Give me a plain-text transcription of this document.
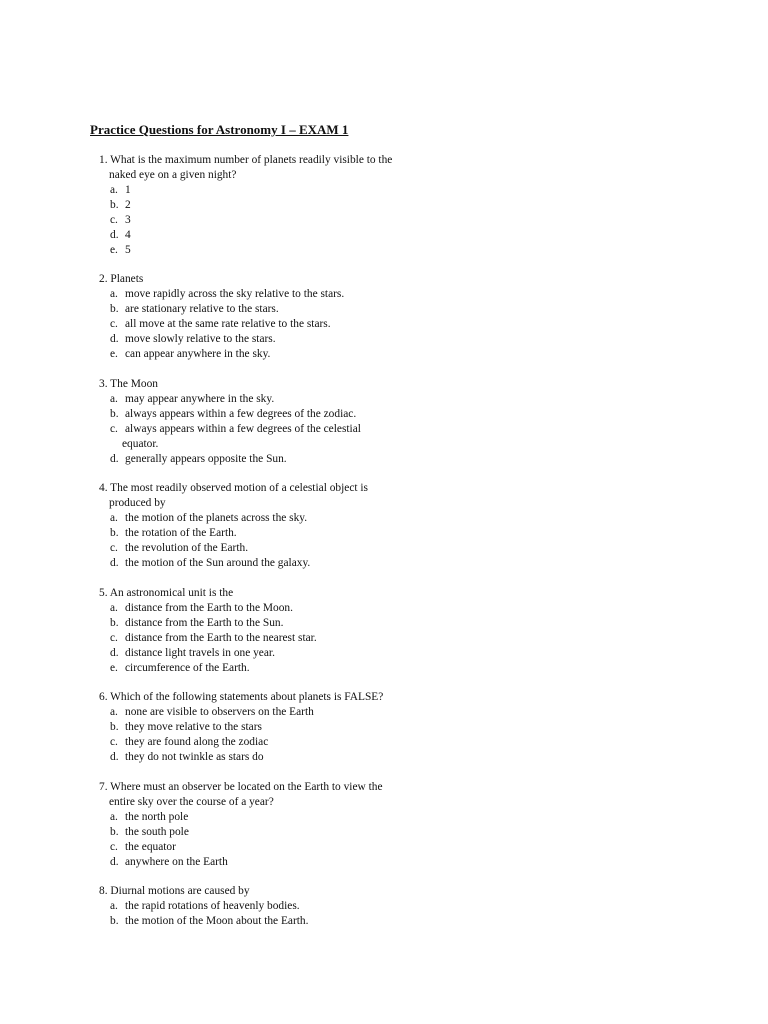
Practice Questions for Astronomy I – EXAM 1
1. What is the maximum number of planets readily visible to the
naked eye on a given night?
a. 1
b. 2
c. 3
d. 4
e. 5
2. Planets
a. move rapidly across the sky relative to the stars.
b. are stationary relative to the stars.
c. all move at the same rate relative to the stars.
d. move slowly relative to the stars.
e. can appear anywhere in the sky.
3. The Moon
a. may appear anywhere in the sky.
b. always appears within a few degrees of the zodiac.
c. always appears within a few degrees of the celestial
equator.
d. generally appears opposite the Sun.
4. The most readily observed motion of a celestial object is
produced by
a. the motion of the planets across the sky.
b. the rotation of the Earth.
c. the revolution of the Earth.
d. the motion of the Sun around the galaxy.
5. An astronomical unit is the
a. distance from the Earth to the Moon.
b. distance from the Earth to the Sun.
c. distance from the Earth to the nearest star.
d. distance light travels in one year.
e. circumference of the Earth.
6. Which of the following statements about planets is FALSE?
a. none are visible to observers on the Earth
b. they move relative to the stars
c. they are found along the zodiac
d. they do not twinkle as stars do
7. Where must an observer be located on the Earth to view the
entire sky over the course of a year?
a. the north pole
b. the south pole
c. the equator
d. anywhere on the Earth
8. Diurnal motions are caused by
a. the rapid rotations of heavenly bodies.
b. the motion of the Moon about the Earth.
